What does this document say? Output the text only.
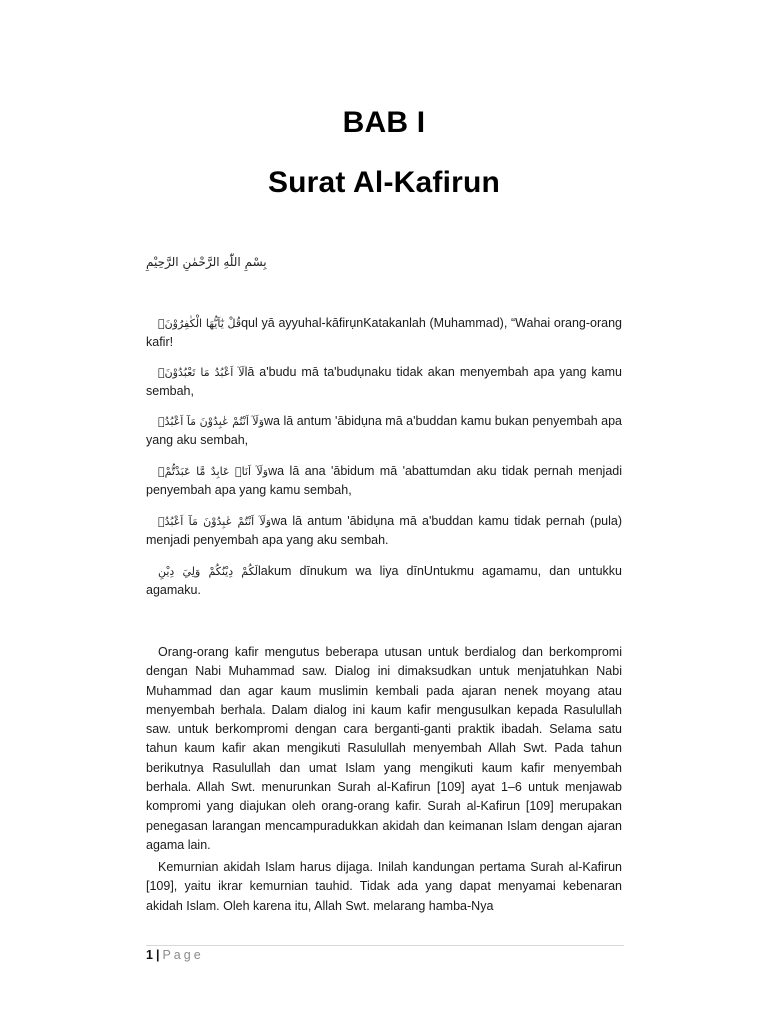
BAB I
Surat Al-Kafirun
بِسْمِ اللّٰهِ الرَّحْمٰنِ الرَّحِيْمِ
قُلْ يٰٓاَيُّهَا الْكٰفِرُوْنَۙqul yā ayyuhal-kāfirụnKatakanlah (Muhammad), “Wahai orang-orang kafir!
لَآ اَعْبُدُ مَا تَعْبُدُوْنَۙlā a'budu mā ta'budụnaku tidak akan menyembah apa yang kamu sembah,
وَلَآ اَنْتُمْ عٰبِدُوْنَ مَآ اَعْبُدُۚwa lā antum 'ābidụna mā a'buddan kamu bukan penyembah apa yang aku sembah,
وَلَآ اَنَا۠ عَابِدٌ مَّا عَبَدْتُّمْۙwa lā ana 'ābidum mā 'abattumdan aku tidak pernah menjadi penyembah apa yang kamu sembah,
وَلَآ اَنْتُمْ عٰبِدُوْنَ مَآ اَعْبُدُۗwa lā antum 'ābidụna mā a'buddan kamu tidak pernah (pula) menjadi penyembah apa yang aku sembah.
لَكُمْ دِيْنُكُمْ وَلِيَ دِيْنِlakum dīnukum wa liya dīnUntukmu agamamu, dan untukku agamaku.
Orang-orang kafir mengutus beberapa utusan untuk berdialog dan berkompromi dengan Nabi Muhammad saw. Dialog ini dimaksudkan untuk menjatuhkan Nabi Muhammad dan agar kaum muslimin kembali pada ajaran nenek moyang atau menyembah berhala. Dalam dialog ini kaum kafir mengusulkan kepada Rasulullah saw. untuk berkompromi dengan cara berganti-ganti praktik ibadah. Selama satu tahun kaum kafir akan mengikuti Rasulullah menyembah Allah Swt. Pada tahun berikutnya Rasulullah dan umat Islam yang mengikuti kaum kafir menyembah berhala. Allah Swt. menurunkan Surah al-Kafirun [109] ayat 1–6 untuk menjawab kompromi yang diajukan oleh orang-orang kafir. Surah al-Kafirun [109] merupakan penegasan larangan mencampuradukkan akidah dan keimanan Islam dengan ajaran agama lain.
Kemurnian akidah Islam harus dijaga. Inilah kandungan pertama Surah al-Kafirun [109], yaitu ikrar kemurnian tauhid. Tidak ada yang dapat menyamai kebenaran akidah Islam. Oleh karena itu, Allah Swt. melarang hamba-Nya
1 | Page
